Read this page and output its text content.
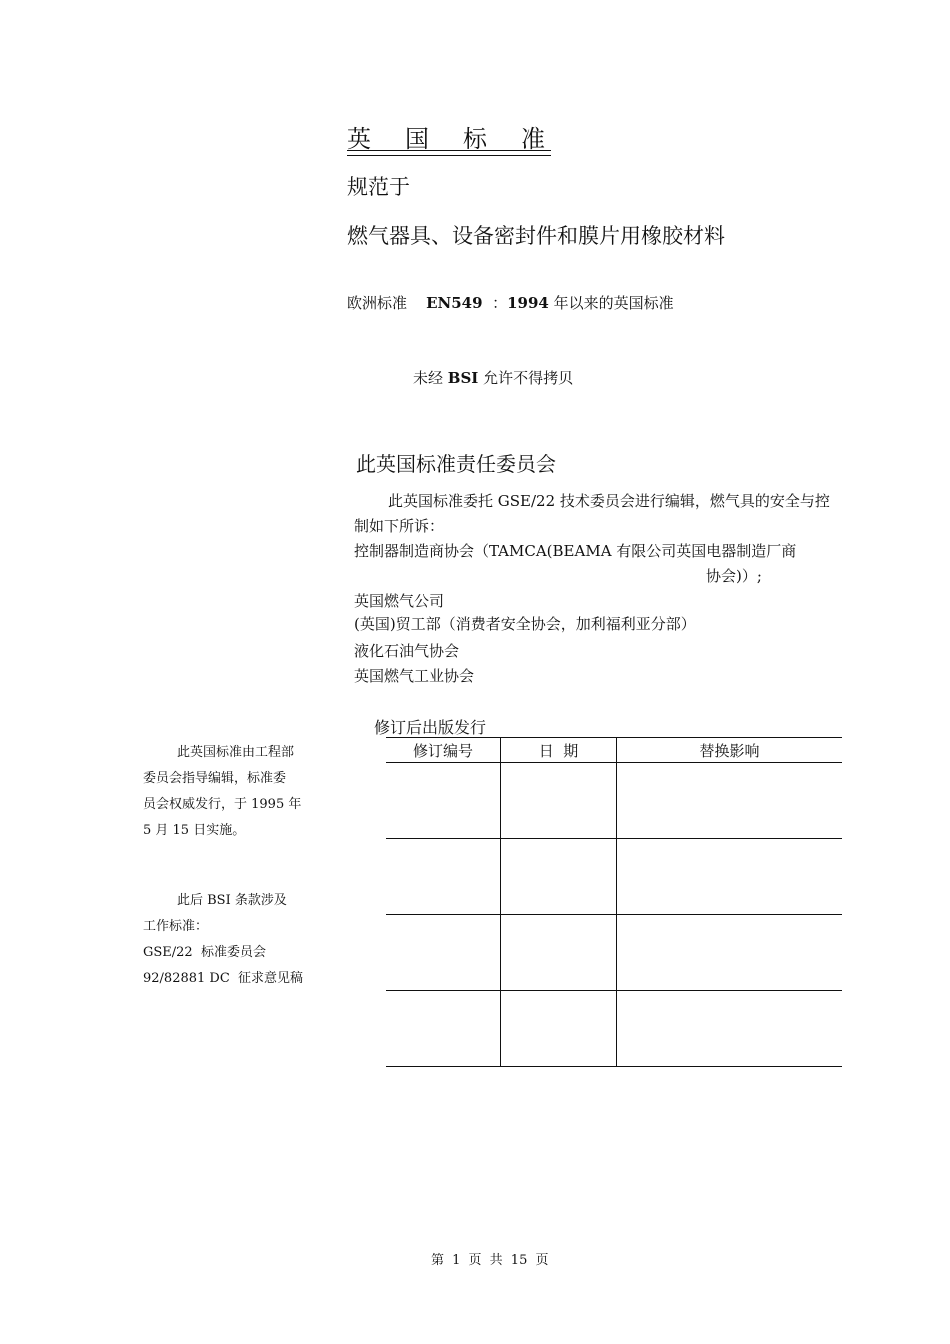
英国标准
规范于
燃气器具、设备密封件和膜片用橡胶材料
欧洲标准 EN549 ：1994 年以来的英国标准
未经 BSI 允许不得拷贝
此英国标准责任委员会
此英国标准委托 GSE/22 技术委员会进行编辑，燃气具的安全与控制如下所诉：
控制器制造商协会（TAMCA(BEAMA 有限公司英国电器制造厂商
协会)）;
英国燃气公司
(英国)贸工部（消费者安全协会，加利福利亚分部）
液化石油气协会
英国燃气工业协会
修订后出版发行
修订编号	日  期	替换影响

此英国标准由工程部
委员会指导编辑，标准委
员会权威发行，于 1995 年
5 月 15 日实施。
此后 BSI 条款涉及
工作标准：
GSE/22  标准委员会
92/82881 DC  征求意见稿
第 1 页 共 15 页
